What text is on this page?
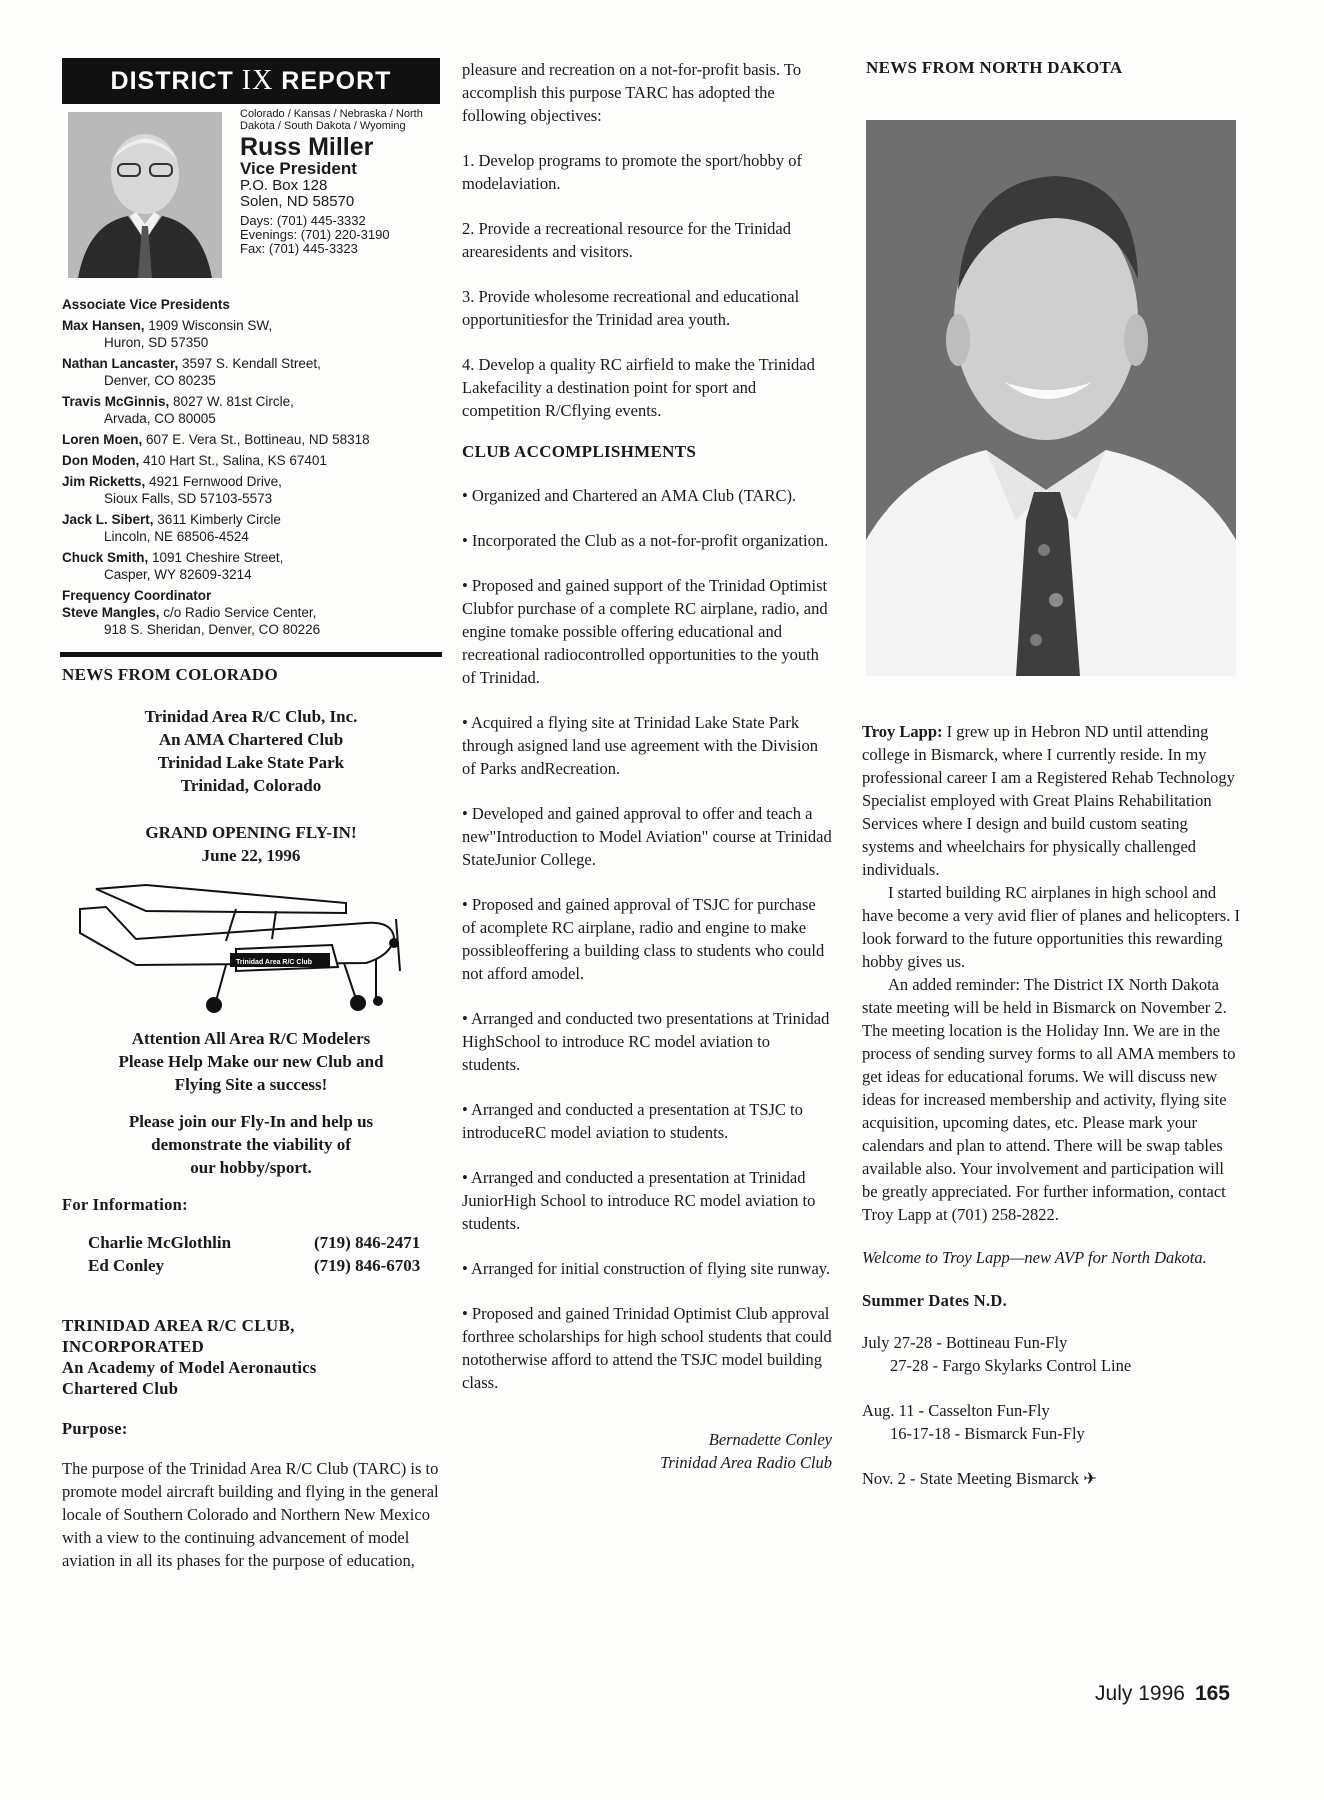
DISTRICT IX REPORT
Colorado / Kansas / Nebraska / North Dakota / South Dakota / Wyoming
Russ Miller
Vice President
P.O. Box 128
Solen, ND 58570
Days: (701) 445-3332
Evenings: (701) 220-3190
Fax: (701) 445-3323
Associate Vice Presidents
Max Hansen, 1909 Wisconsin SW,
Huron, SD 57350
Nathan Lancaster, 3597 S. Kendall Street,
Denver, CO 80235
Travis McGinnis, 8027 W. 81st Circle,
Arvada, CO 80005
Loren Moen, 607 E. Vera St., Bottineau, ND 58318
Don Moden, 410 Hart St., Salina, KS 67401
Jim Ricketts, 4921 Fernwood Drive,
Sioux Falls, SD 57103-5573
Jack L. Sibert, 3611 Kimberly Circle
Lincoln, NE 68506-4524
Chuck Smith, 1091 Cheshire Street,
Casper, WY 82609-3214
Frequency Coordinator
Steve Mangles, c/o Radio Service Center,
918 S. Sheridan, Denver, CO 80226
NEWS FROM COLORADO
Trinidad Area R/C Club, Inc.
An AMA Chartered Club
Trinidad Lake State Park
Trinidad, Colorado
GRAND OPENING FLY-IN!
June 22, 1996
Trinidad Area R/C Club
Attention All Area R/C Modelers
Please Help Make our new Club and
Flying Site a success!
Please join our Fly-In and help us
demonstrate the viability of
our hobby/sport.
For Information:
Charlie McGlothlin	(719) 846-2471
Ed Conley	(719) 846-6703
TRINIDAD AREA R/C CLUB,
INCORPORATED
An Academy of Model Aeronautics
Chartered Club
Purpose:

The purpose of the Trinidad Area R/C Club (TARC) is to promote model aircraft building and flying in the general locale of Southern Colorado and Northern New Mexico with a view to the continuing advancement of model aviation in all its phases for the purpose of education,

pleasure and recreation on a not-for-profit basis. To accomplish this purpose TARC has adopted the following objectives:

1. Develop programs to promote the sport/hobby of modelaviation.

2. Provide a recreational resource for the Trinidad arearesidents and visitors.

3. Provide wholesome recreational and educational opportunitiesfor the Trinidad area youth.

4. Develop a quality RC airfield to make the Trinidad Lakefacility a destination point for sport and competition R/Cflying events.

CLUB ACCOMPLISHMENTS

• Organized and Chartered an AMA Club (TARC).

• Incorporated the Club as a not-for-profit organization.

• Proposed and gained support of the Trinidad Optimist Clubfor purchase of a complete RC airplane, radio, and engine tomake possible offering educational and recreational radiocontrolled opportunities to the youth of Trinidad.

• Acquired a flying site at Trinidad Lake State Park through asigned land use agreement with the Division of Parks andRecreation.

• Developed and gained approval to offer and teach a new"Introduction to Model Aviation" course at Trinidad StateJunior College.

• Proposed and gained approval of TSJC for purchase of acomplete RC airplane, radio and engine to make possibleoffering a building class to students who could not afford amodel.

• Arranged and conducted two presentations at Trinidad HighSchool to introduce RC model aviation to students.

• Arranged and conducted a presentation at TSJC to introduceRC model aviation to students.

• Arranged and conducted a presentation at Trinidad JuniorHigh School to introduce RC model aviation to students.

• Arranged for initial construction of flying site runway.

• Proposed and gained Trinidad Optimist Club approval forthree scholarships for high school students that could nototherwise afford to attend the TSJC model building class.

Bernadette Conley
Trinidad Area Radio Club
NEWS FROM NORTH DAKOTA

Troy Lapp: I grew up in Hebron ND until attending college in Bismarck, where I currently reside. In my professional career I am a Registered Rehab Technology Specialist employed with Great Plains Rehabilitation Services where I design and build custom seating systems and wheelchairs for physically challenged individuals.

I started building RC airplanes in high school and have become a very avid flier of planes and helicopters. I look forward to the future opportunities this rewarding hobby gives us.

An added reminder: The District IX North Dakota state meeting will be held in Bismarck on November 2. The meeting location is the Holiday Inn. We are in the process of sending survey forms to all AMA members to get ideas for educational forums. We will discuss new ideas for increased membership and activity, flying site acquisition, upcoming dates, etc. Please mark your calendars and plan to attend. There will be swap tables available also. Your involvement and participation will be greatly appreciated. For further information, contact Troy Lapp at (701) 258-2822.

Welcome to Troy Lapp—new AVP for North Dakota.

Summer Dates N.D.
July 27-28 - Bottineau Fun-Fly
27-28 - Fargo Skylarks Control Line
Aug. 11 - Casselton Fun-Fly
16-17-18 - Bismarck Fun-Fly
Nov. 2 - State Meeting Bismarck ✈
July 1996 165
